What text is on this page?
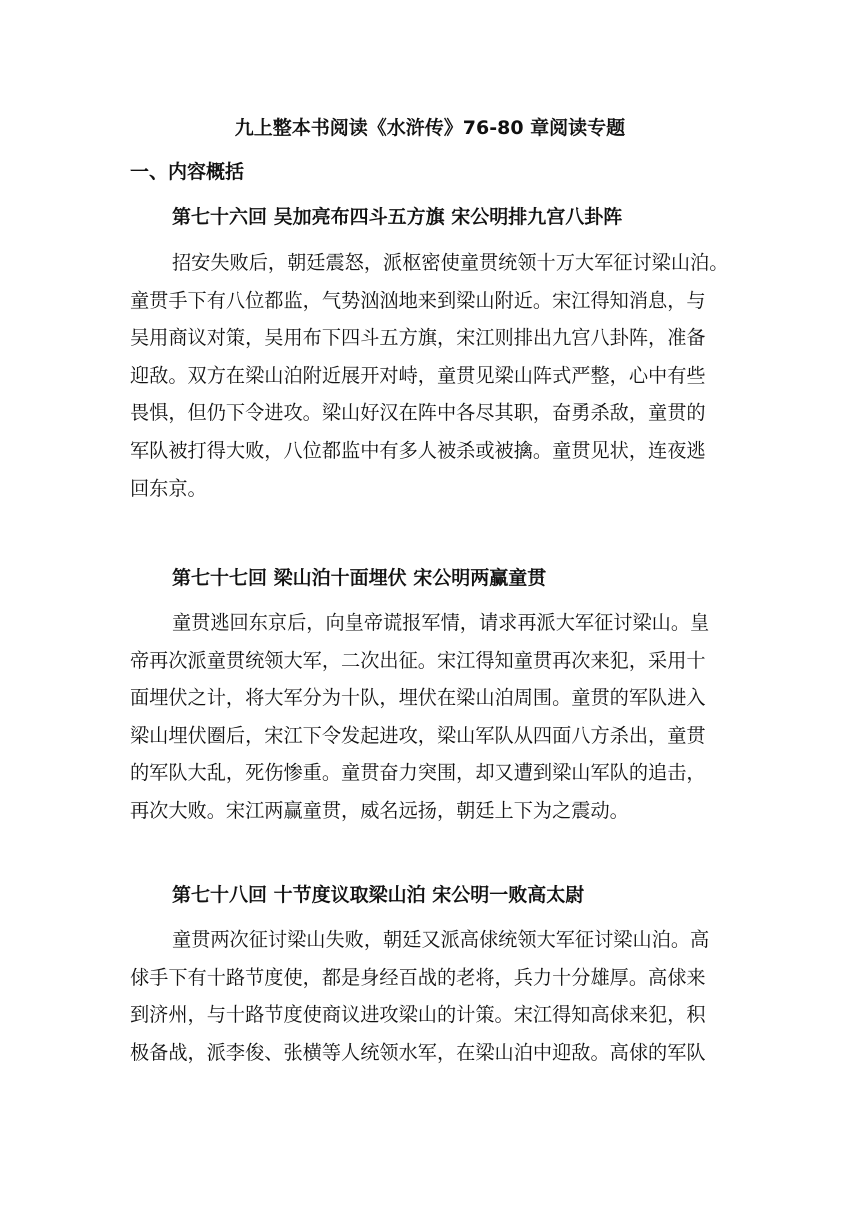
九上整本书阅读《水浒传》76-80 章阅读专题
一、内容概括
第七十六回 吴加亮布四斗五方旗 宋公明排九宫八卦阵
招安失败后，朝廷震怒，派枢密使童贯统领十万大军征讨梁山泊。
童贯手下有八位都监，气势汹汹地来到梁山附近。宋江得知消息，与
吴用商议对策，吴用布下四斗五方旗，宋江则排出九宫八卦阵，准备
迎敌。双方在梁山泊附近展开对峙，童贯见梁山阵式严整，心中有些
畏惧，但仍下令进攻。梁山好汉在阵中各尽其职，奋勇杀敌，童贯的
军队被打得大败，八位都监中有多人被杀或被擒。童贯见状，连夜逃
回东京。
第七十七回 梁山泊十面埋伏 宋公明两赢童贯
童贯逃回东京后，向皇帝谎报军情，请求再派大军征讨梁山。皇
帝再次派童贯统领大军，二次出征。宋江得知童贯再次来犯，采用十
面埋伏之计，将大军分为十队，埋伏在梁山泊周围。童贯的军队进入
梁山埋伏圈后，宋江下令发起进攻，梁山军队从四面八方杀出，童贯
的军队大乱，死伤惨重。童贯奋力突围，却又遭到梁山军队的追击，
再次大败。宋江两赢童贯，威名远扬，朝廷上下为之震动。
第七十八回 十节度议取梁山泊 宋公明一败高太尉
童贯两次征讨梁山失败，朝廷又派高俅统领大军征讨梁山泊。高
俅手下有十路节度使，都是身经百战的老将，兵力十分雄厚。高俅来
到济州，与十路节度使商议进攻梁山的计策。宋江得知高俅来犯，积
极备战，派李俊、张横等人统领水军，在梁山泊中迎敌。高俅的军队
